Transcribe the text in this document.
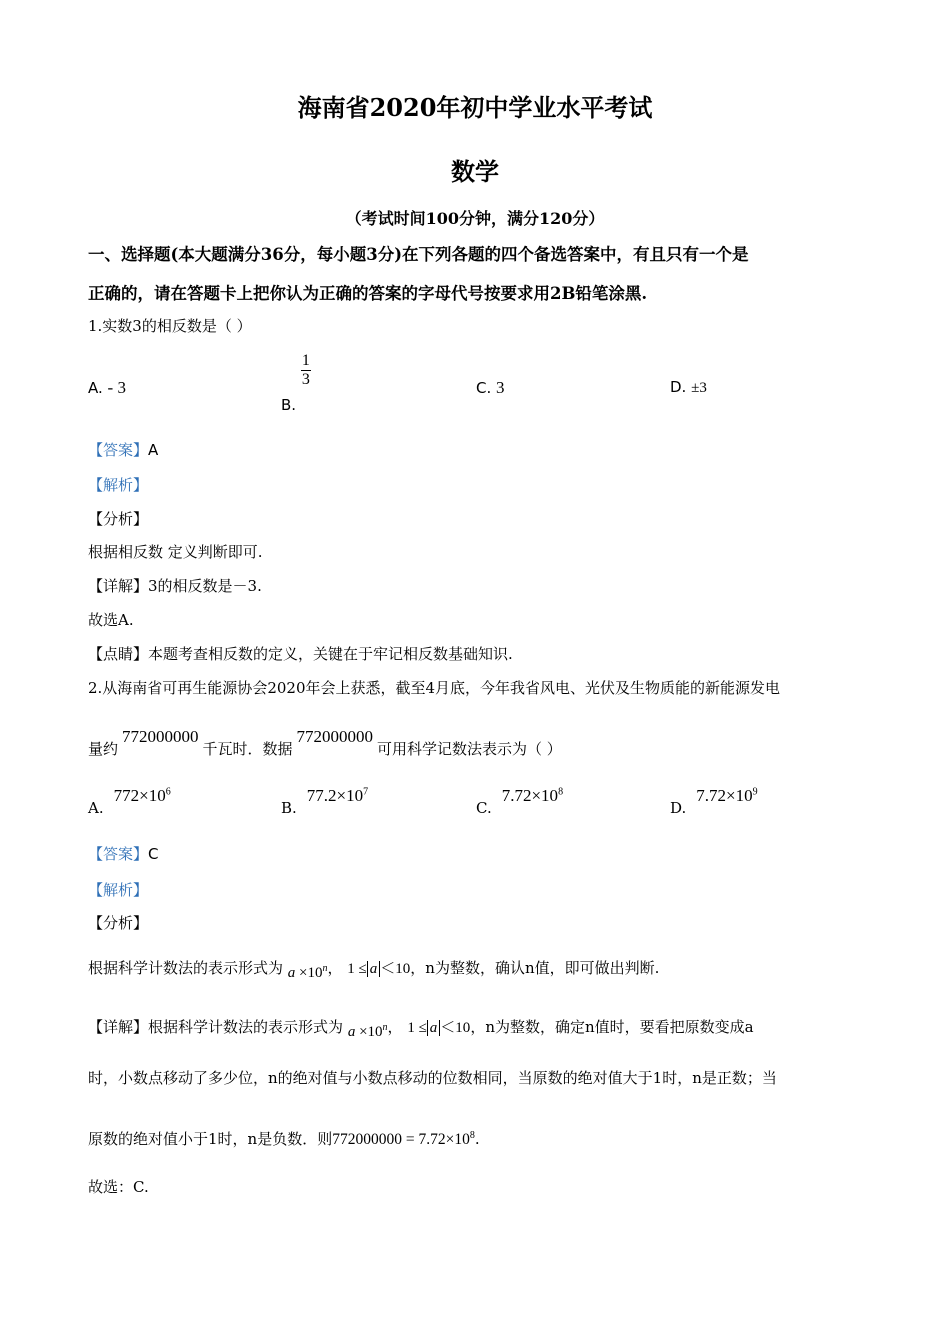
海南省2020年初中学业水平考试
数学
（考试时间100分钟，满分120分）
一、选择题(本大题满分36分，每小题3分)在下列各题的四个备选答案中，有且只有一个是
正确的，请在答题卡上把你认为正确的答案的字母代号按要求用2B铅笔涂黑.
1.实数3的相反数是（ ）
A. - 3
B.
$\frac{1}{3}$	C. 3	D. ±3
【答案】A
【解析】
【分析】
根据相反数 定义判断即可.
【详解】3的相反数是－3.
故选A.
【点睛】本题考查相反数的定义，关键在于牢记相反数基础知识.
2.从海南省可再生能源协会2020年会上获悉，截至4月底，今年我省风电、光伏及生物质能的新能源发电
量约772000000千瓦时．数据772000000可用科学记数法表示为（ ）
$A.772\times 10^6$
$B.77.2\times 10^7$
$C.7.72\times 10^8$
$D.7.72\times 10^9$
【答案】C
【解析】
【分析】
根据科学计数法的表示形式为 $a \times 10^n$， 1 ≤ a ＜10，n为整数，确认n值，即可做出判断.
【详解】根据科学计数法的表示形式为 $a \times 10^n$， 1 ≤ a ＜10，n为整数，确定n值时，要看把原数变成a
时，小数点移动了多少位，n的绝对值与小数点移动的位数相同，当原数的绝对值大于1时，n是正数；当
原数的绝对值小于1时，n是负数．则$772000000 = 7.72\times 10^8$.
故选：C.
